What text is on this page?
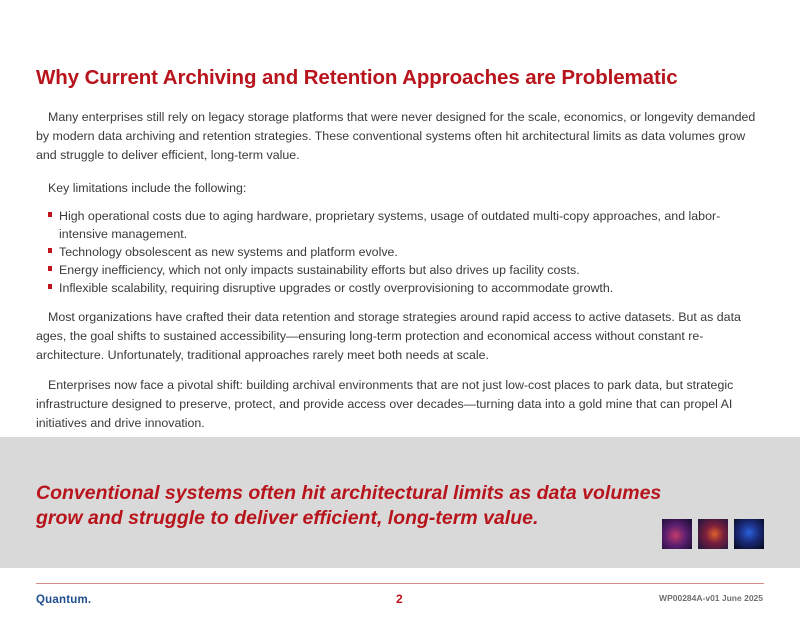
Why Current Archiving and Retention Approaches are Problematic

Many enterprises still rely on legacy storage platforms that were never designed for the scale, economics, or longevity demanded by modern data archiving and retention strategies. These conventional systems often hit architectural limits as data volumes grow and struggle to deliver efficient, long-term value.

Key limitations include the following:

High operational costs due to aging hardware, proprietary systems, usage of outdated multi-copy approaches, and labor-intensive management.
Technology obsolescent as new systems and platform evolve.
Energy inefficiency, which not only impacts sustainability efforts but also drives up facility costs.
Inflexible scalability, requiring disruptive upgrades or costly overprovisioning to accommodate growth.

Most organizations have crafted their data retention and storage strategies around rapid access to active datasets. But as data ages, the goal shifts to sustained accessibility—ensuring long-term protection and economical access without constant re-architecture. Unfortunately, traditional approaches rarely meet both needs at scale.

Enterprises now face a pivotal shift: building archival environments that are not just low-cost places to park data, but strategic infrastructure designed to preserve, protect, and provide access over decades—turning data into a gold mine that can propel AI initiatives and drive innovation.

Conventional systems often hit architectural limits as data volumes grow and struggle to deliver efficient, long-term value.

Quantum.	2	WP00284A-v01 June 2025
